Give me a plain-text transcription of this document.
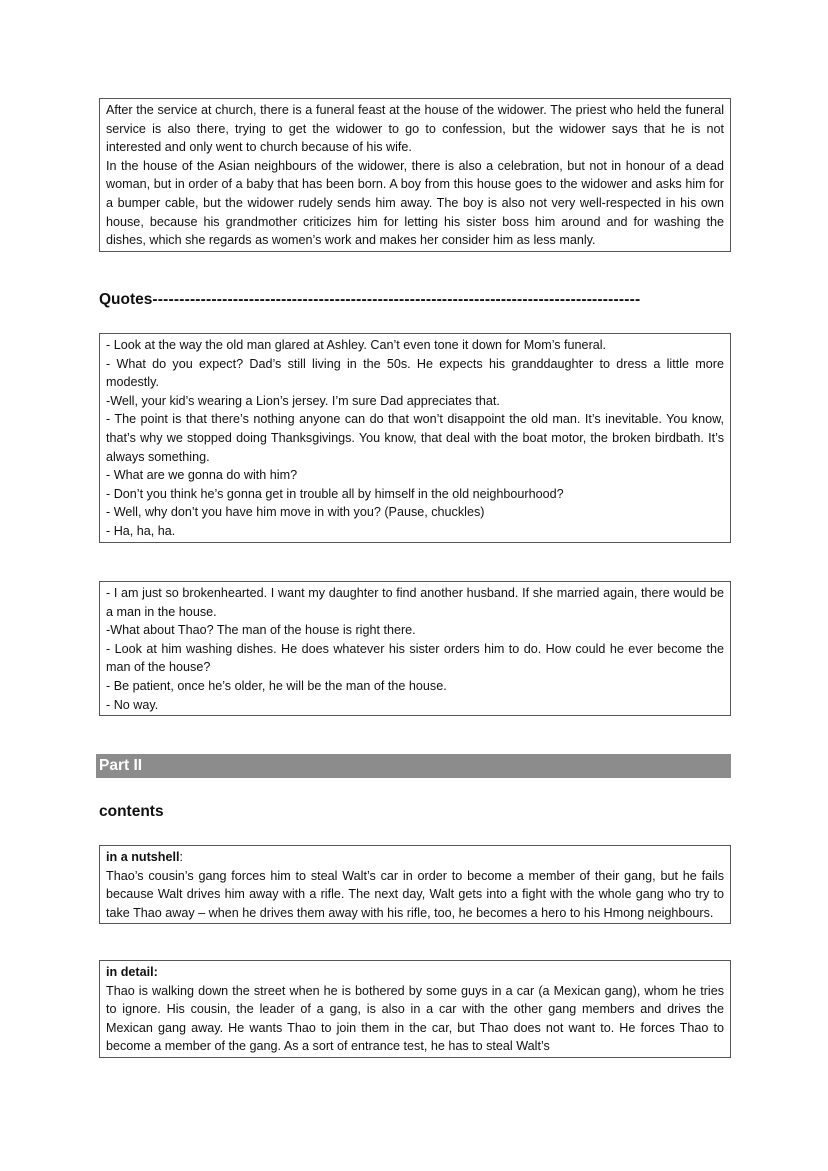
After the service at church, there is a funeral feast at the house of the widower. The priest who held the funeral service is also there, trying to get the widower to go to confession, but the widower says that he is not interested and only went to church because of his wife.

In the house of the Asian neighbours of the widower, there is also a celebration, but not in honour of a dead woman, but in order of a baby that has been born. A boy from this house goes to the widower and asks him for a bumper cable, but the widower rudely sends him away. The boy is also not very well-respected in his own house, because his grandmother criticizes him for letting his sister boss him around and for washing the dishes, which she regards as women’s work and makes her consider him as less manly.

Quotes-------------------------------------------------------------------------------------------

- Look at the way the old man glared at Ashley. Can’t even tone it down for Mom’s funeral.

- What do you expect? Dad’s still living in the 50s. He expects his granddaughter to dress a little more modestly.

-Well, your kid’s wearing a Lion’s jersey. I’m sure Dad appreciates that.

- The point is that there’s nothing anyone can do that won’t disappoint the old man. It’s inevitable. You know, that’s why we stopped doing Thanksgivings. You know, that deal with the boat motor, the broken birdbath. It’s always something.

- What are we gonna do with him?

- Don’t you think he’s gonna get in trouble all by himself in the old neighbourhood?

- Well, why don’t you have him move in with you? (Pause, chuckles)

- Ha, ha, ha.

- I am just so brokenhearted. I want my daughter to find another husband. If she married again, there would be a man in the house.

-What about Thao? The man of the house is right there.

- Look at him washing dishes. He does whatever his sister orders him to do. How could he ever become the man of the house?

- Be patient, once he’s older, he will be the man of the house.

- No way.

Part II
contents

in a nutshell:

Thao’s cousin’s gang forces him to steal Walt’s car in order to become a member of their gang, but he fails because Walt drives him away with a rifle. The next day, Walt gets into a fight with the whole gang who try to take Thao away – when he drives them away with his rifle, too, he becomes a hero to his Hmong neighbours.

in detail:

Thao is walking down the street when he is bothered by some guys in a car (a Mexican gang), whom he tries to ignore. His cousin, the leader of a gang, is also in a car with the other gang members and drives the Mexican gang away. He wants Thao to join them in the car, but Thao does not want to. He forces Thao to become a member of the gang. As a sort of entrance test, he has to steal Walt’s
